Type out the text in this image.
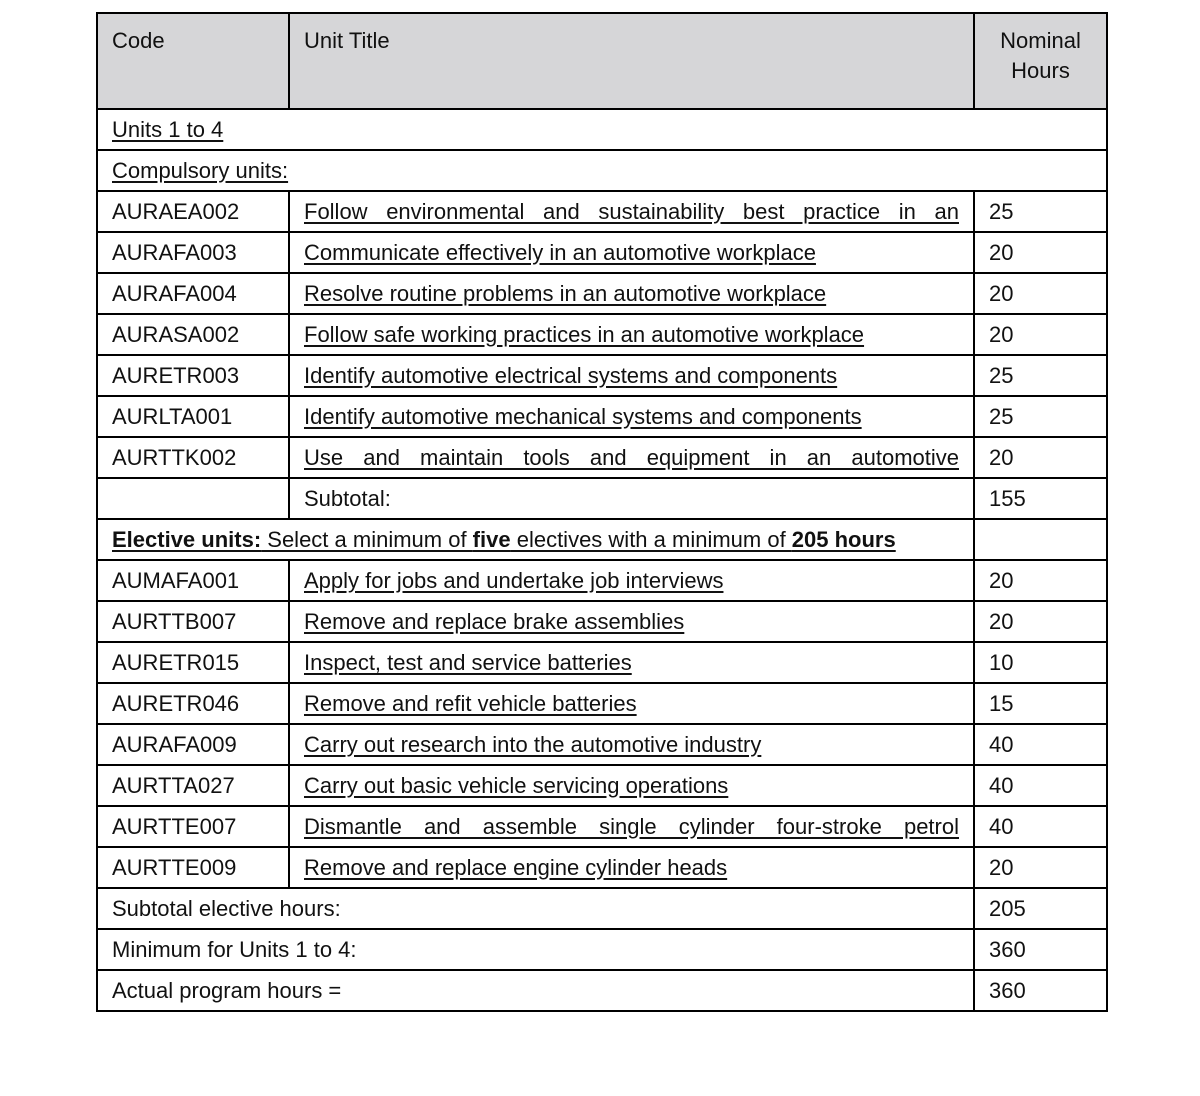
Code	Unit Title	Nominal Hours
Units 1 to 4		
Compulsory units:		
AURAEA002	Follow environmental and sustainability best practice in an	25
AURAFA003	Communicate effectively in an automotive workplace	20
AURAFA004	Resolve routine problems in an automotive workplace	20
AURASA002	Follow safe working practices in an automotive workplace	20
AURETR003	Identify automotive electrical systems and components	25
AURLTA001	Identify automotive mechanical systems and components	25
AURTTK002	Use and maintain tools and equipment in an automotive	20
	Subtotal:	155
Elective units: Select a minimum of five electives with a minimum of 205 hours		
AUMAFA001	Apply for jobs and undertake job interviews	20
AURTTB007	Remove and replace brake assemblies	20
AURETR015	Inspect, test and service batteries	10
AURETR046	Remove and refit vehicle batteries	15
AURAFA009	Carry out research into the automotive industry	40
AURTTA027	Carry out basic vehicle servicing operations	40
AURTTE007	Dismantle and assemble single cylinder four-stroke petrol	40
AURTTE009	Remove and replace engine cylinder heads	20
Subtotal elective hours:		205
Minimum for Units 1 to 4:		360
Actual program hours =		360
